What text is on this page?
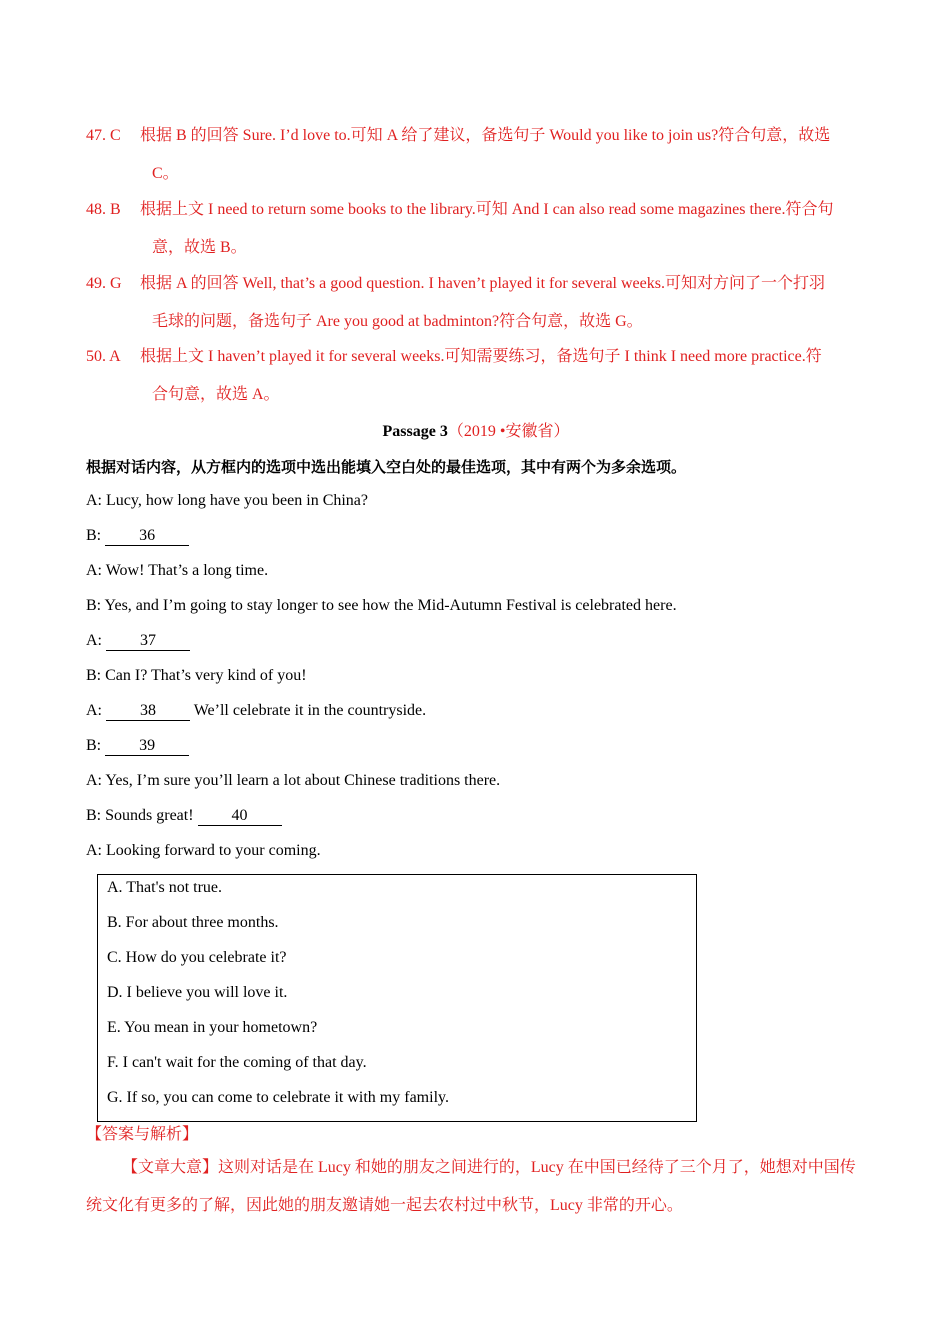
47. C 根据 B 的回答 Sure. I’d love to.可知 A 给了建议，备选句子 Would you like to join us?符合句意，故选
C。
48. B 根据上文 I need to return some books to the library.可知 And I can also read some magazines there.符合句
意，故选 B。
49. G 根据 A 的回答 Well, that’s a good question. I haven’t played it for several weeks.可知对方问了一个打羽
毛球的问题，备选句子 Are you good at badminton?符合句意，故选 G。
50. A 根据上文 I haven’t played it for several weeks.可知需要练习，备选句子 I think I need more practice.符
合句意，故选 A。
Passage 3（2019 •安徽省）
根据对话内容，从方框内的选项中选出能填入空白处的最佳选项，其中有两个为多余选项。
A: Lucy, how long have you been in China?
B: 36
A: Wow! That’s a long time.
B: Yes, and I’m going to stay longer to see how the Mid-Autumn Festival is celebrated here.
A: 37
B: Can I? That’s very kind of you!
A: 38 We’ll celebrate it in the countryside.
B: 39
A: Yes, I’m sure you’ll learn a lot about Chinese traditions there.
B: Sounds great! 40
A: Looking forward to your coming.
A. That's not true.
B. For about three months.
C. How do you celebrate it?
D. I believe you will love it.
E. You mean in your hometown?
F. I can't wait for the coming of that day.
G. If so, you can come to celebrate it with my family.
【答案与解析】
【文章大意】这则对话是在 Lucy 和她的朋友之间进行的，Lucy 在中国已经待了三个月了，她想对中国传统文化有更多的了解，因此她的朋友邀请她一起去农村过中秋节，Lucy 非常的开心。
